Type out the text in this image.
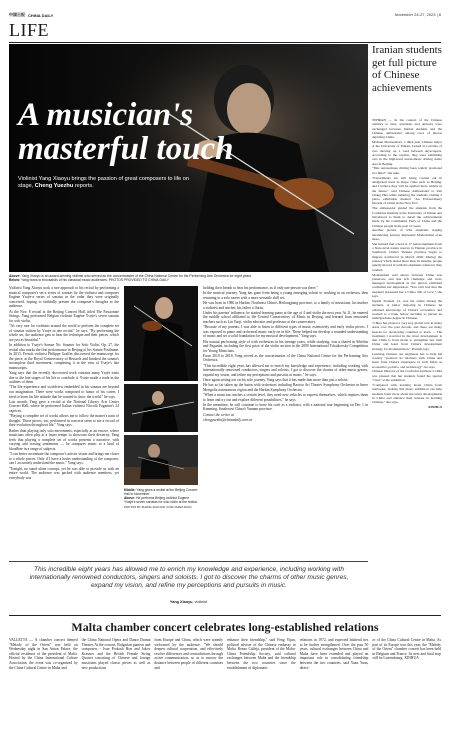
中国日报 CHINA DAILY	November 24-27, 2023 | 8
LIFE
A musician's
masterful touch
Violinist Yang Xiaoyu brings the passion of great composers to life on stage, Cheng Yuezhu reports.
Above: Yang Xiaoyu is an award-winning violinist who served as the concertmaster of the China National Centre for the Performing Arts Orchestra for eight years.
Below: Yang bows to thousands of his classical music audiences. PHOTOS PROVIDED TO CHINA DAILY

Violinist Yang Xiaoyu took a rare approach to his recital by performing a musical composer's set-a series of sonatas by the violinist and composer Eugène Ysaÿe-a series of sonatas in the order they were originally conceived, hoping to faithfully present the composer's thoughts to the audience.

At the Nov. 8 recital at the Beijing Concert Hall, titled The Passionate Strings, Yang performed Belgian violinist Eugène Ysaÿe's seven sonatas for solo violin.

"It's very rare for violinists around the world to perform the complete set of sonatas written by Ysaÿe in one recital," he says. "By performing the whole set, the audience gets to hear the technique and their pieces, which are just as beautiful."

In addition to Ysaÿe's Sonate No. Sonates for Solo Violin, Op. 27, the recital also marks the first performance in Beijing of his Sonate Posthume. In 2015, French violinist Philippe Graffin discovered the manuscript for the piece, at the Royal Conservatory of Brussels and finished the sonata's incomplete third movement, completing it in the vein of Ysaÿe's late manuscripts.

Yang says that the recently discovered work contains many Ysaÿe traits due to the late stages of his life to conclude it. Ysaÿe made a trade in the outlines of them.

"The life experience and worldview embedded in his sonatas are beyond our imagination. There were works composed to honor of his career. I tried to learn his life attitude that he wanted to show the world," he says.

Last month, Yang gave a recital at the National Library Arts Center Concert Hall, where he performed Italian violinist Niccolò Paganini's 24 caprices.

"Playing a complete set of works allows me to follow the master's train of thought. Those pieces, too, performed in concerts seem to me a record of their evolution throughout life," Yang says.

Rather than playing only solo movements, especially at an encore, where musicians often play at a faster tempo to showcase their dexterity, Yang feels that playing a complete set of works presents a narrative, with varying and waxing sentiments — he compares music to a kind of bloodline in a range of subjects.

"I can better accentuate the composer's artistic vision and brings me closer to a whole pieces. Only if I have a better understanding of the composer, can I accurately understand the music," Yang says.

"Tonight, no stand alone concept, yet he was able to provide us with an entire world. The audience was packed with audience members, yet everybody was

Middle: Yang gives a recital at the Beijing Concert Hall in November.
Above: He performs Beijing violinist Eugene Ysaÿe's seven sonatas for solo violin at the recital.
PHOTOS BY ZHANG XIAOJUN / FOR CHINA DAILY

holding their breath to hear his performance, as if only one person was there."

In the musical journey, Yang has gone from being a young emerging soloist to working in an orchestra, then returning to a solo career with a more versatile skill set.

He was born in 1986 in Harbin, Northeast China's Heilongjiang province, to a family of musicians; his mother a violinist and teacher, his father a flutist.

Under his parents' influence, he started learning piano at the age of 4 and violin the next year. At 11, he entered the middle school affiliated to the Central Conservatory of Music in Beijing, and learned from renowned teachers such as Lin Yaoji, violin educator and professor at the conservatory.

"Because of my parents, I was able to listen to different types of music extensively and early violin pieces. I was exposed to piano and orchestral music early on in life. These helped me develop a rounded understanding of music and set a solid foundation for my musical development," Yang says.

His natural performing style of with orchestras in his teenage years, while studying, was a shared in Sibelius and Paganini, including the first prize of the violin section in the 2009 International Tchaikovsky Competition for Young Musicians.

From 2010 to 2018, Yang served as the concertmaster of the China National Centre for the Performing Arts Orchestra.

"This incredible eight years has allowed me to enrich my knowledge and experience, including working with internationally renowned conductors, singers and soloists. I got to discover the charms of other music genres, expand my vision, and refine my perceptions and pursuits in music," he says.

Once again setting out on his solo journey, Yang says that it has made him more than just a soloist.

He has so far taken up the baton with orchestras including Baotou Art Theater Symphony Orchestra in Inner Mongolia autonomous region and the Harbin Symphony Orchestra.

"When a musician reaches a certain level, they need new vehicles to express themselves, which requires them to learn and try out and explore different possibilities," he says.

In the meantime, he will continue to hone his craft as a violinist, with a national tour beginning on Dec 1 in Kunming, Southwest China's Yunnan province.

Contact the writer at

chengyuezhu@chinadaily.com.cn

This incredible eight years has allowed me to enrich my knowledge and experience, including working with internationally renowned conductors, singers and soloists. I got to discover the charms of other music genres, expand my vision, and refine my perceptions and pursuits in music.
Yang Xiaoyu, violinist
Iranian students get full picture of Chinese achievements

TEHRAN — In the context of the Chinese culinary to fans, questions and answers were exchanged between Iranian students and the Chinese ambassador among rows of photos depicting China.

Mohsen Montazehari, a third-year Chinese major at the University of Tehran, looked at a picture of cars moving on a road between skyscrapers. According to the caption, they were exhibiting cars in the high-level autonomous driving demo area in Beijing.

"This autonomous driving been widely promoted in China?" she asks.

"Experiments are still being carried out in designated areas in major cities such as Beijing, and I believe they will be applied more widely in the future," said Chinese Ambassador to Iran Chang Hua while ushering the students visiting a photo exhibition themed "An Extraordinary Decade of China in the New Era".

The ambassador guided the students from the Confucius Institute at the University of Tehran and introduced to them to detail the achievements made by the Communist Party of China and the Chinese people in the past 10 years.

Another picture of wild elephants staging meandering journey impressed Montazehari even more.

She learned that a herd of 17 Asian elephants from a State-level nature reserve in Yunnan province in Southwest China's Yunnan province began to migrate northward in March 2020. During the journey which lasted more than 16 months, people quietly moved in with the elephants wherever they roamed.

Montazehari said shows between China was preserves, and that left challenge and well-managed development in the photos exhibited confirmed her impression. "You can't feel that the elephant presented her a China 'full of love'," she says.

Sepehr Pouladi, 21, was the oldest among the students. A junior majoring in Chinese, he obtained knowledge of China's economics and worked to a bank before deciding to pursue an undergraduate degree in Chinese.

"China has played a very key global role in many areas over the past decade, and there are many lessons for developing countries to learn. ... The treatment I received in the most development is that China is from mode to strengthen ties with China and learn from China's development strategy for modernization," Pouladi says.

Learning Chinese our engineers has to help his country "promote its relations with China and learn from China's experience in such fields as economics, politics, and technology", he says.

Chinese Director of the Confucius Institute Li Mei was pleased that her students found the special "class" at the exhibition.

"Compared with learning about China from textbooks, visiting this photo exhibition can help students learn more about the latest developments in China and enhance their interest in learning Chinese," she says.

XINHUA

Malta chamber concert celebrates long-established relations

VALLETTA — A chamber concert themed "Melody of the Orient" was held on Wednesday night in San Anton Palace, the official residence of the president of Malta. Hosted by the China International Culture Association, the event was co-organized by the China Cultural Centre in Malta and

the China National Opera and Dance Drama Theater. At the concert, Bulgarian pianists and composers - Ivan Prokosh Hon and Jakov Krasnov and the British Female String Quartet consisting of Chinese and foreign musicians played classic pieces as well as new productions

from Europe and China, which were warmly welcomed by the audience. "We should deepen cultural cooperation, and effectively resolve differences and contradictions through active communication, so as to narrow the distance between people of different countries and

enhance their friendship," said Feng Yijun, political adviser of the Chinese embassy in Malta. Renzo Calleja, president of the Malta-China Friendship Society, said cultural exchanges between Malta and the friendship between the two countries since the establishment of diplomatic

relations in 1972, and expected bilateral ties to be further strengthened. Over the past 50 years, cultural exchanges between China and Malta have been extended and played an important role in consolidating friendship between the two countries, said Yuan Yuan, direct-

or of the China Cultural Centre in Malta. As part of its Europe tour this year, the "Melody of the Orient" chamber concert has been held in Belgium and France. Its next and final stop will be Luxembourg. XINHUA
